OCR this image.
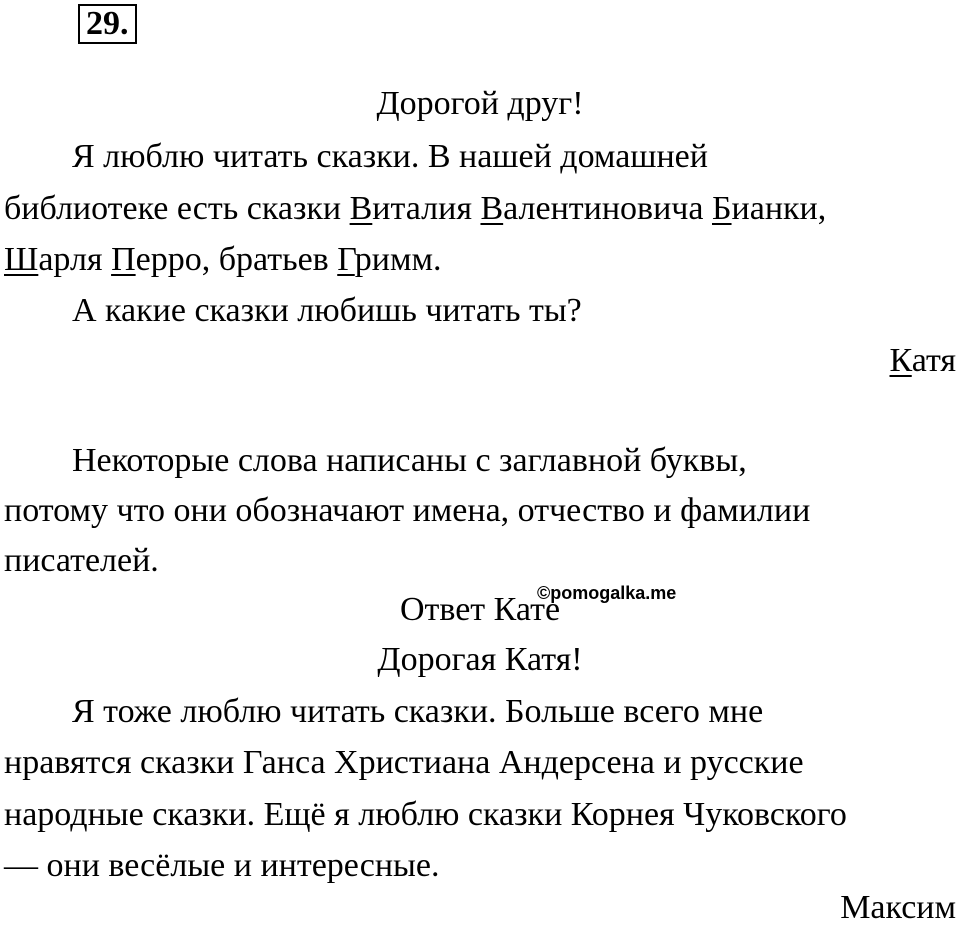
29.
Дорогой друг!
Я люблю читать сказки. В нашей домашней
библиотеке есть сказки Виталия Валентиновича Бианки,
Шарля Перро, братьев Гримм.
А какие сказки любишь читать ты?
Катя
Некоторые слова написаны с заглавной буквы,
потому что они обозначают имена, отчество и фамилии
писателей.
Ответ Кате
©pomogalka.me
Дорогая Катя!
Я тоже люблю читать сказки. Больше всего мне
нравятся сказки Ганса Христиана Андерсена и русские
народные сказки. Ещё я люблю сказки Корнея Чуковского
— они весёлые и интересные.
Максим
